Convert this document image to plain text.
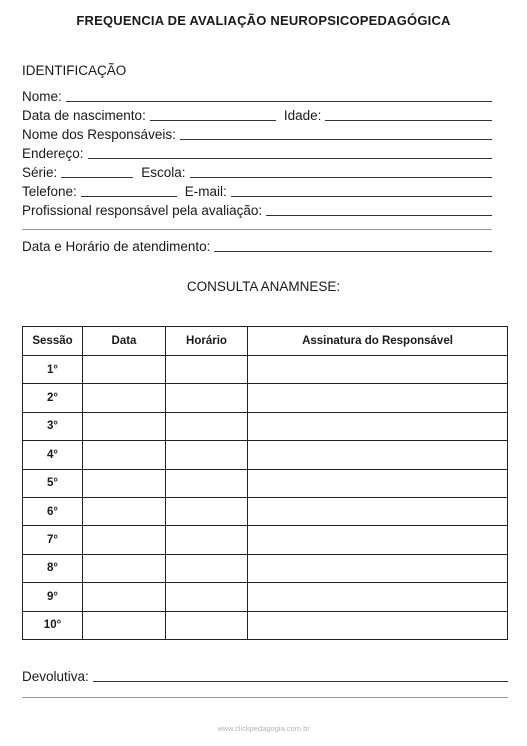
FREQUENCIA DE AVALIAÇÃO NEUROPSICOPEDAGÓGICA
IDENTIFICAÇÃO
Nome:
Data de nascimento:	Idade:
Nome dos Responsáveis:
Endereço:
Série:	Escola:
Telefone:	E-mail:
Profissional responsável pela avaliação:
Data e Horário de atendimento:
CONSULTA ANAMNESE:
Sessão	Data	Horário	Assinatura do Responsável
1°			
2°			
3°			
4°			
5°			
6°			
7°			
8°			
9°			
10°			
Devolutiva:
www.clickpedagogia.com.br
